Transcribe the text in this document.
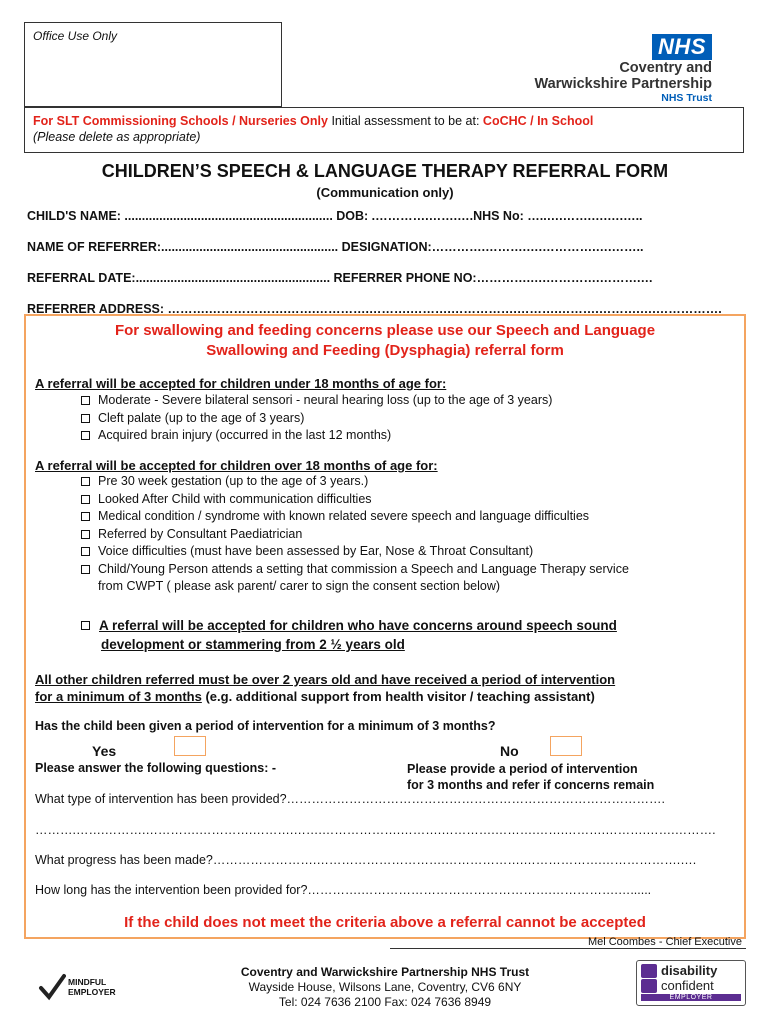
Office Use Only	NHS
Coventry and
Warwickshire Partnership
NHS Trust
For SLT Commissioning Schools / Nurseries Only Initial assessment to be at: CoCHC / In School
(Please delete as appropriate)
CHILDREN’S SPEECH & LANGUAGE THERAPY REFERRAL FORM
(Communication only)
CHILD'S NAME: ............................................................ DOB: .………….…….….NHS No: …..….…….….….…..
NAME OF REFERRER:................................................... DESIGNATION:………….……….….………….….……..
REFERRAL DATE:........................................................ REFERRER PHONE NO:………….….………….……….…
REFERRER ADDRESS: ……….……………….…….………….……….……….…………….……….……….……….….…………….
For swallowing and feeding concerns please use our Speech and Language
Swallowing and Feeding (Dysphagia) referral form
A referral will be accepted for children under 18 months of age for:
Moderate - Severe bilateral sensori - neural hearing loss (up to the age of 3 years)
Cleft palate (up to the age of 3 years)
Acquired brain injury (occurred in the last 12 months)
A referral will be accepted for children over 18 months of age for:
Pre 30 week gestation (up to the age of 3 years.)
Looked After Child with communication difficulties
Medical condition / syndrome with known related severe speech and language difficulties
Referred by Consultant Paediatrician
Voice difficulties (must have been assessed by Ear, Nose & Throat Consultant)
Child/Young Person attends a setting that commission a Speech and Language Therapy service
from CWPT ( please ask parent/ carer to sign the consent section below)
A referral will be accepted for children who have concerns around speech sound
development or stammering from 2 ½ years old
All other children referred must be over 2 years old and have received a period of intervention
for a minimum of 3 months (e.g. additional support from health visitor / teaching assistant)
Has the child been given a period of intervention for a minimum of 3 months?
Yes	No
Please answer the following questions: -	Please provide a period of intervention
for 3 months and refer if concerns remain
What type of intervention has been provided?……………………………………………………………………………….
……….…….……….………….………….……….…….……………….……….………….……….…….……….……….…….……….
What progress has been made?…………………….………………………….……………….……………….……………….….
How long has the intervention been provided for?………….……………………………………….…………….…......
If the child does not meet the criteria above a referral cannot be accepted
Mel Coombes - Chief Executive
Coventry and Warwickshire Partnership NHS Trust
Wayside House, Wilsons Lane, Coventry, CV6 6NY
Tel: 024 7636 2100 Fax: 024 7636 8949
MINDFUL
EMPLOYER
disability
confident
EMPLOYER
